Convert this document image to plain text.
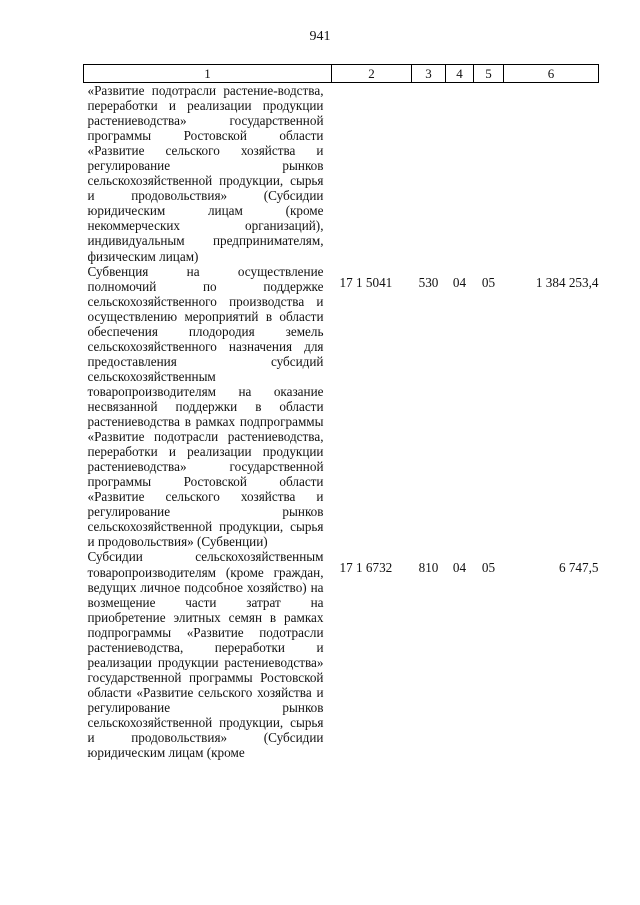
941
1	2	3	4	5	6
«Развитие подотрасли растение-водства, переработки и реализации продукции растениеводства» государственной программы Ростовской области «Развитие сельского хозяйства и регулирование рынков сельскохозяйственной продукции, сырья и продовольствия» (Субсидии юридическим лицам (кроме некоммерческих организаций), индивидуальным предпринимателям, физическим лицам)					
Субвенция на осуществление полномочий по поддержке сельскохозяйственного производства и осуществлению мероприятий в области обеспечения плодородия земель сельскохозяйственного назначения для предоставления субсидий сельскохозяйственным товаропроизводителям на оказание несвязанной поддержки в области растениеводства в рамках подпрограммы «Развитие подотрасли растениеводства, переработки и реализации продукции растениеводства» государственной программы Ростовской области «Развитие сельского хозяйства и регулирование рынков сельскохозяйственной продукции, сырья и продовольствия» (Субвенции)	17 1 5041	530	04	05	1 384 253,4
Субсидии сельскохозяйственным товаропроизводителям (кроме граждан, ведущих личное подсобное хозяйство) на возмещение части затрат на приобретение элитных семян в рамках подпрограммы «Развитие подотрасли растениеводства, переработки и реализации продукции растениеводства» государственной программы Ростовской области «Развитие сельского хозяйства и регулирование рынков сельскохозяйственной продукции, сырья и продовольствия» (Субсидии юридическим лицам (кроме	17 1 6732	810	04	05	6 747,5
